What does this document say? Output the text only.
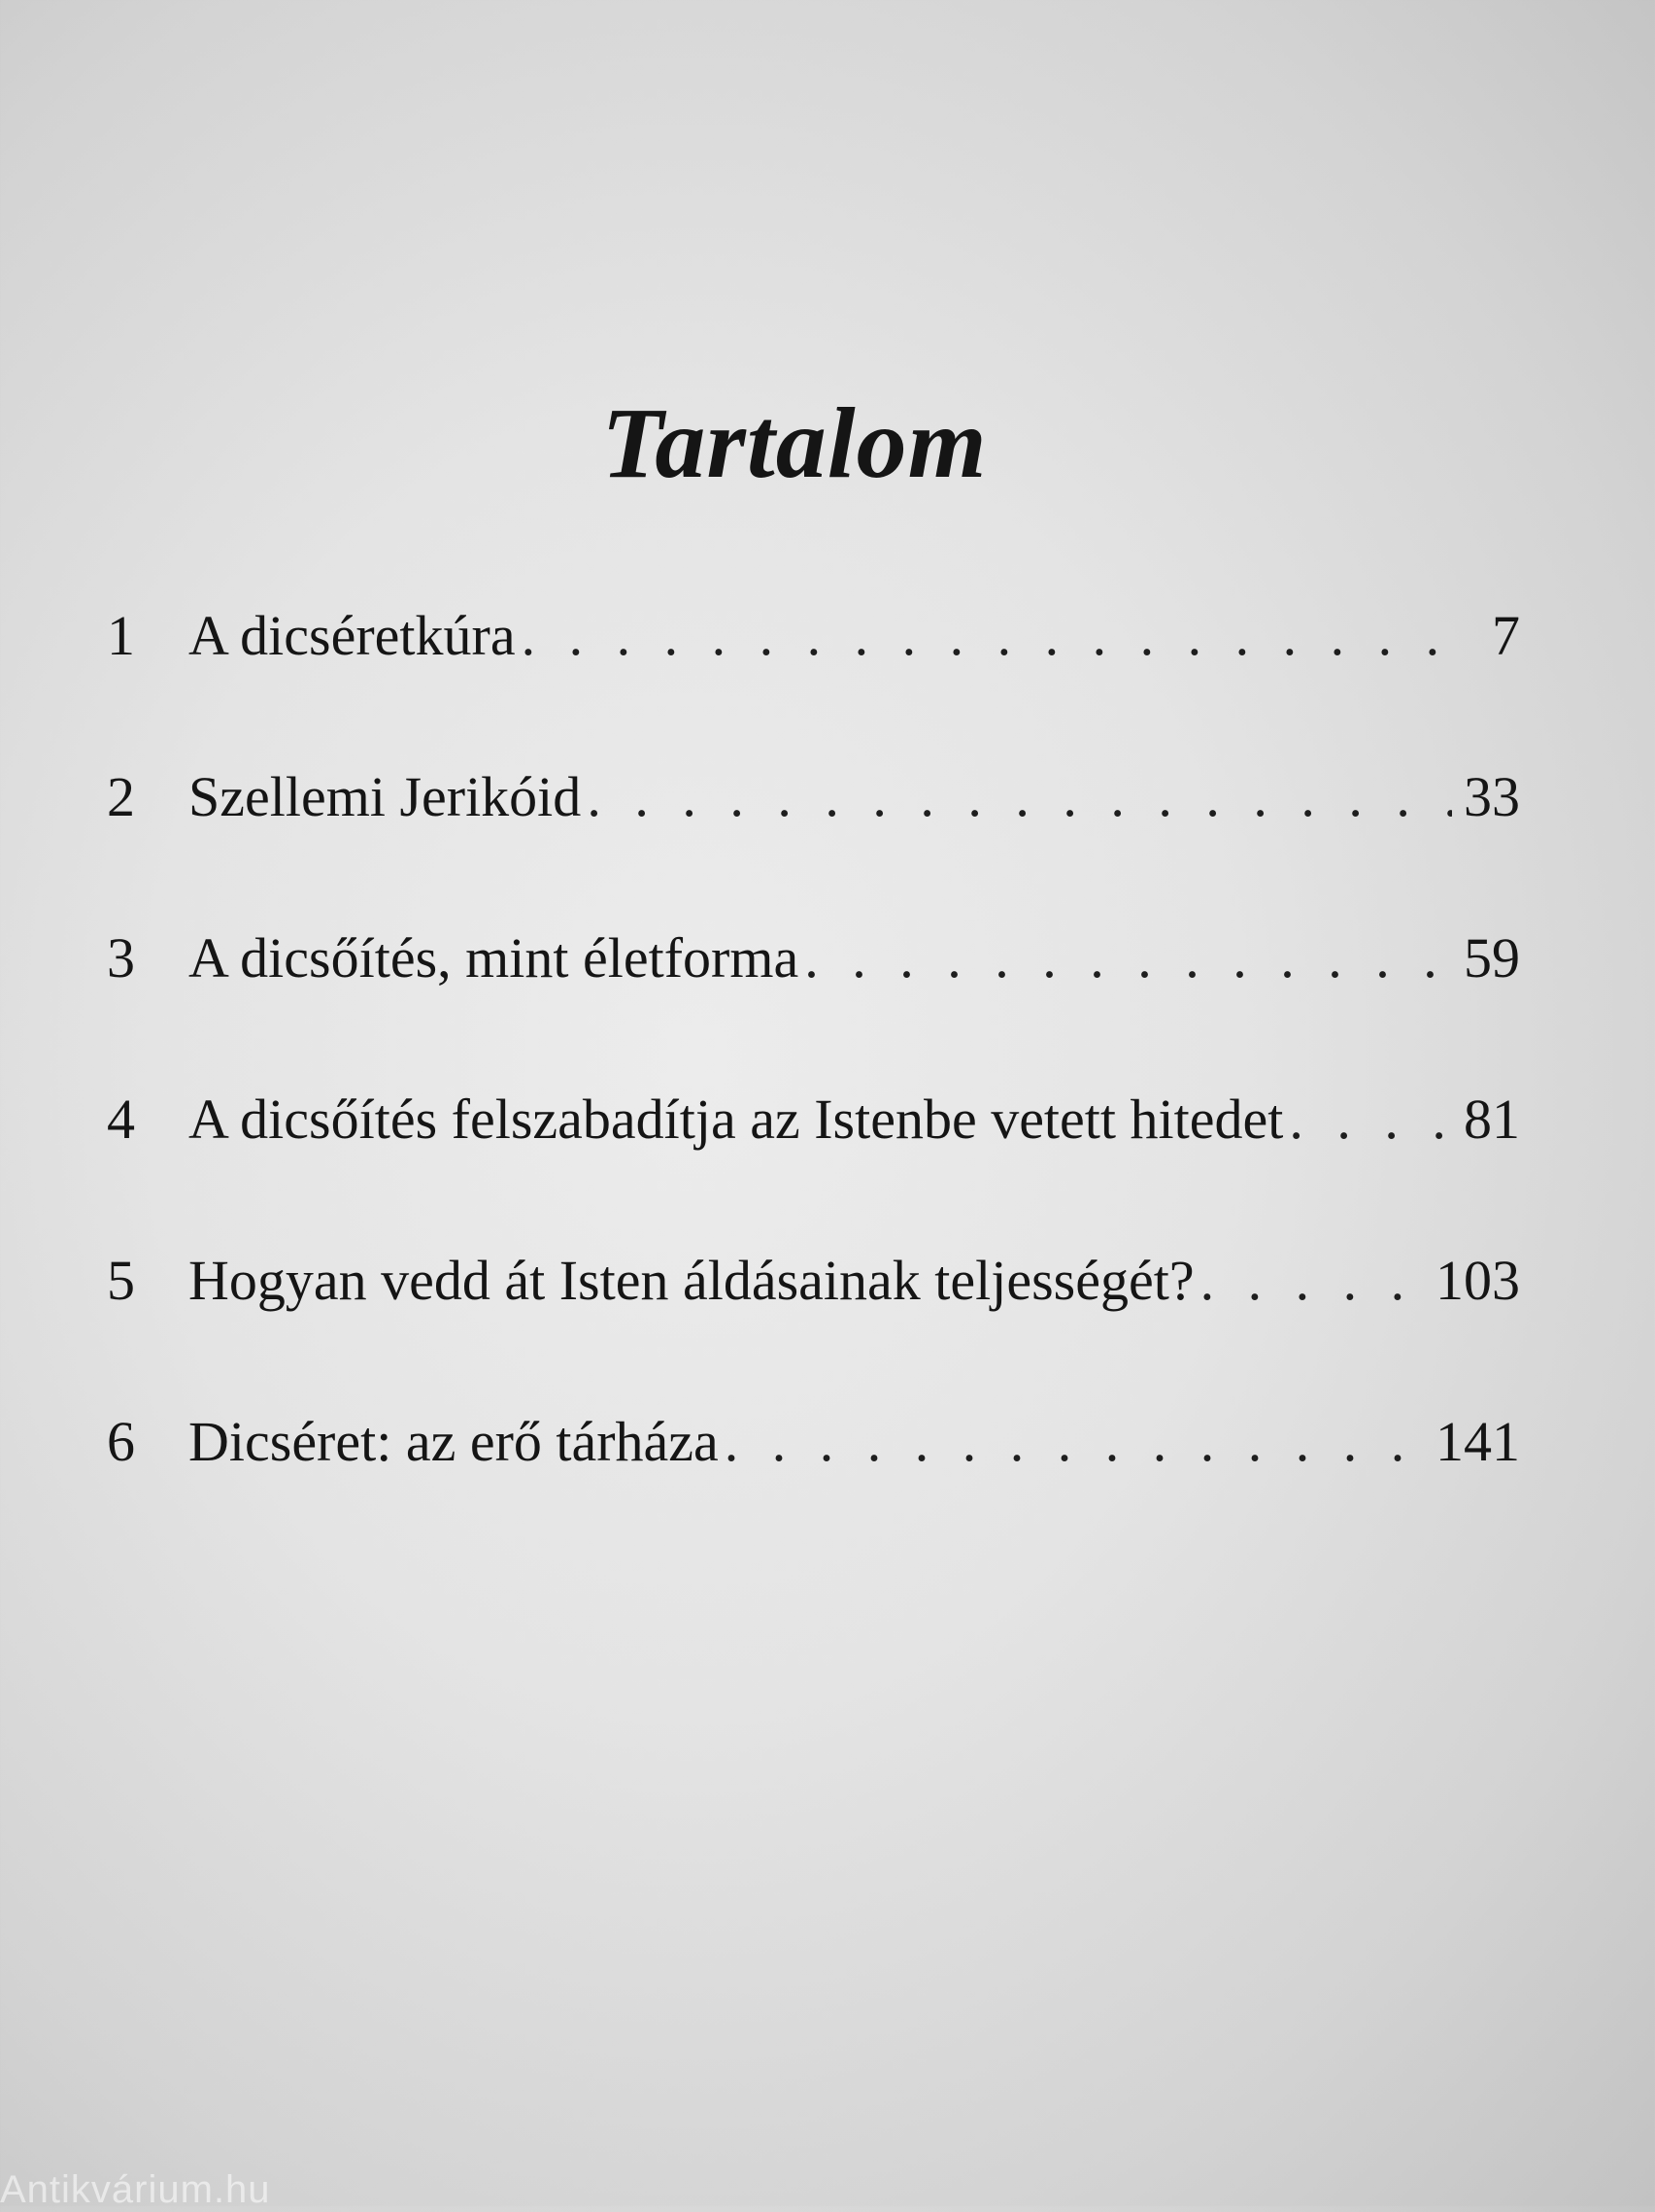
Tartalom
1 A dicséretkúra . . .	7
2 Szellemi Jerikóid . . .	33
3 A dicsőítés, mint életforma . . .	59
4 A dicsőítés felszabadítja az Istenbe vetett hitedet . . .	81
5 Hogyan vedd át Isten áldásainak teljességét? . . .	103
6 Dicséret: az erő tárháza . . .	141
Antikvárium.hu
